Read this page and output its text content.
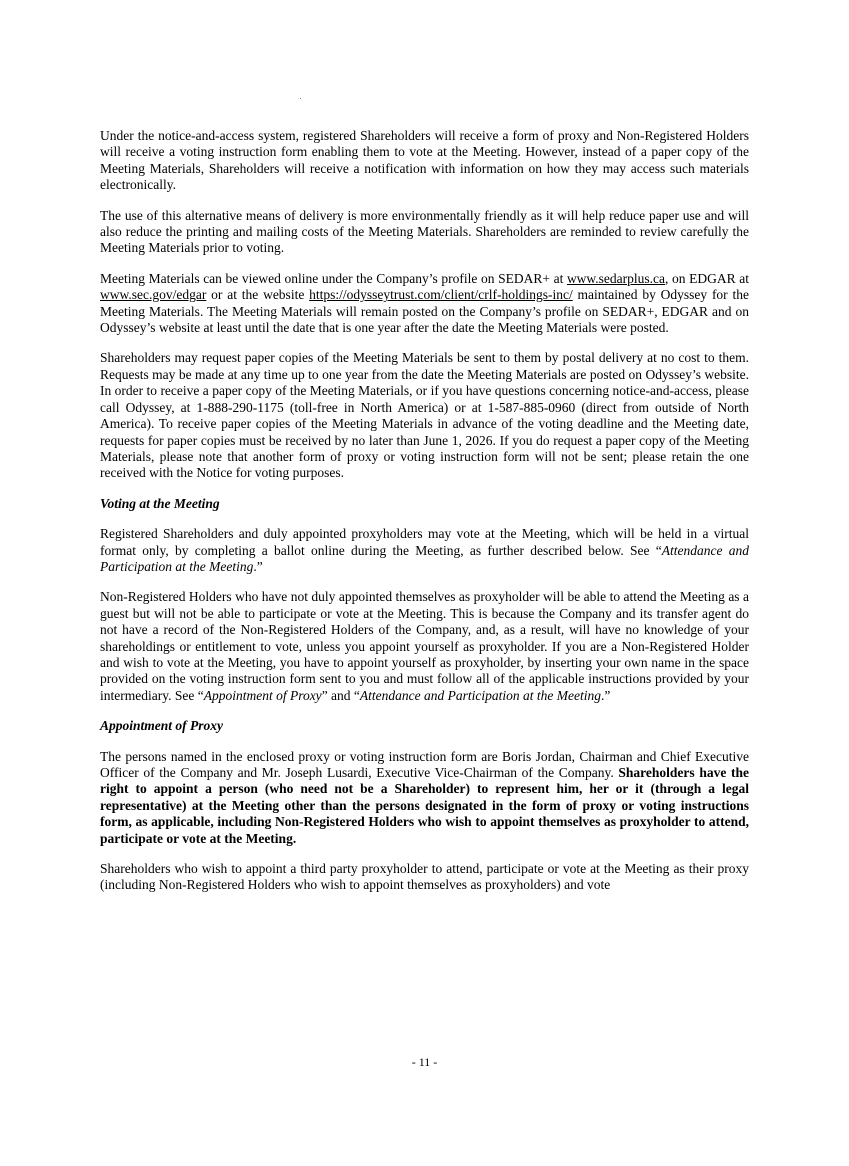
Under the notice-and-access system, registered Shareholders will receive a form of proxy and Non-Registered Holders will receive a voting instruction form enabling them to vote at the Meeting. However, instead of a paper copy of the Meeting Materials, Shareholders will receive a notification with information on how they may access such materials electronically.

The use of this alternative means of delivery is more environmentally friendly as it will help reduce paper use and will also reduce the printing and mailing costs of the Meeting Materials. Shareholders are reminded to review carefully the Meeting Materials prior to voting.

Meeting Materials can be viewed online under the Company’s profile on SEDAR+ at www.sedarplus.ca, on EDGAR at www.sec.gov/edgar or at the website https://odysseytrust.com/client/crlf-holdings-inc/ maintained by Odyssey for the Meeting Materials. The Meeting Materials will remain posted on the Company’s profile on SEDAR+, EDGAR and on Odyssey’s website at least until the date that is one year after the date the Meeting Materials were posted.

Shareholders may request paper copies of the Meeting Materials be sent to them by postal delivery at no cost to them. Requests may be made at any time up to one year from the date the Meeting Materials are posted on Odyssey’s website. In order to receive a paper copy of the Meeting Materials, or if you have questions concerning notice-and-access, please call Odyssey, at 1-888-290-1175 (toll-free in North America) or at 1-587-885-0960 (direct from outside of North America). To receive paper copies of the Meeting Materials in advance of the voting deadline and the Meeting date, requests for paper copies must be received by no later than June 1, 2026. If you do request a paper copy of the Meeting Materials, please note that another form of proxy or voting instruction form will not be sent; please retain the one received with the Notice for voting purposes.

Voting at the Meeting

Registered Shareholders and duly appointed proxyholders may vote at the Meeting, which will be held in a virtual format only, by completing a ballot online during the Meeting, as further described below. See “Attendance and Participation at the Meeting.”

Non-Registered Holders who have not duly appointed themselves as proxyholder will be able to attend the Meeting as a guest but will not be able to participate or vote at the Meeting. This is because the Company and its transfer agent do not have a record of the Non-Registered Holders of the Company, and, as a result, will have no knowledge of your shareholdings or entitlement to vote, unless you appoint yourself as proxyholder. If you are a Non-Registered Holder and wish to vote at the Meeting, you have to appoint yourself as proxyholder, by inserting your own name in the space provided on the voting instruction form sent to you and must follow all of the applicable instructions provided by your intermediary. See “Appointment of Proxy” and “Attendance and Participation at the Meeting.”

Appointment of Proxy

The persons named in the enclosed proxy or voting instruction form are Boris Jordan, Chairman and Chief Executive Officer of the Company and Mr. Joseph Lusardi, Executive Vice-Chairman of the Company. Shareholders have the right to appoint a person (who need not be a Shareholder) to represent him, her or it (through a legal representative) at the Meeting other than the persons designated in the form of proxy or voting instructions form, as applicable, including Non-Registered Holders who wish to appoint themselves as proxyholder to attend, participate or vote at the Meeting.

Shareholders who wish to appoint a third party proxyholder to attend, participate or vote at the Meeting as their proxy (including Non-Registered Holders who wish to appoint themselves as proxyholders) and vote

- 11 -
